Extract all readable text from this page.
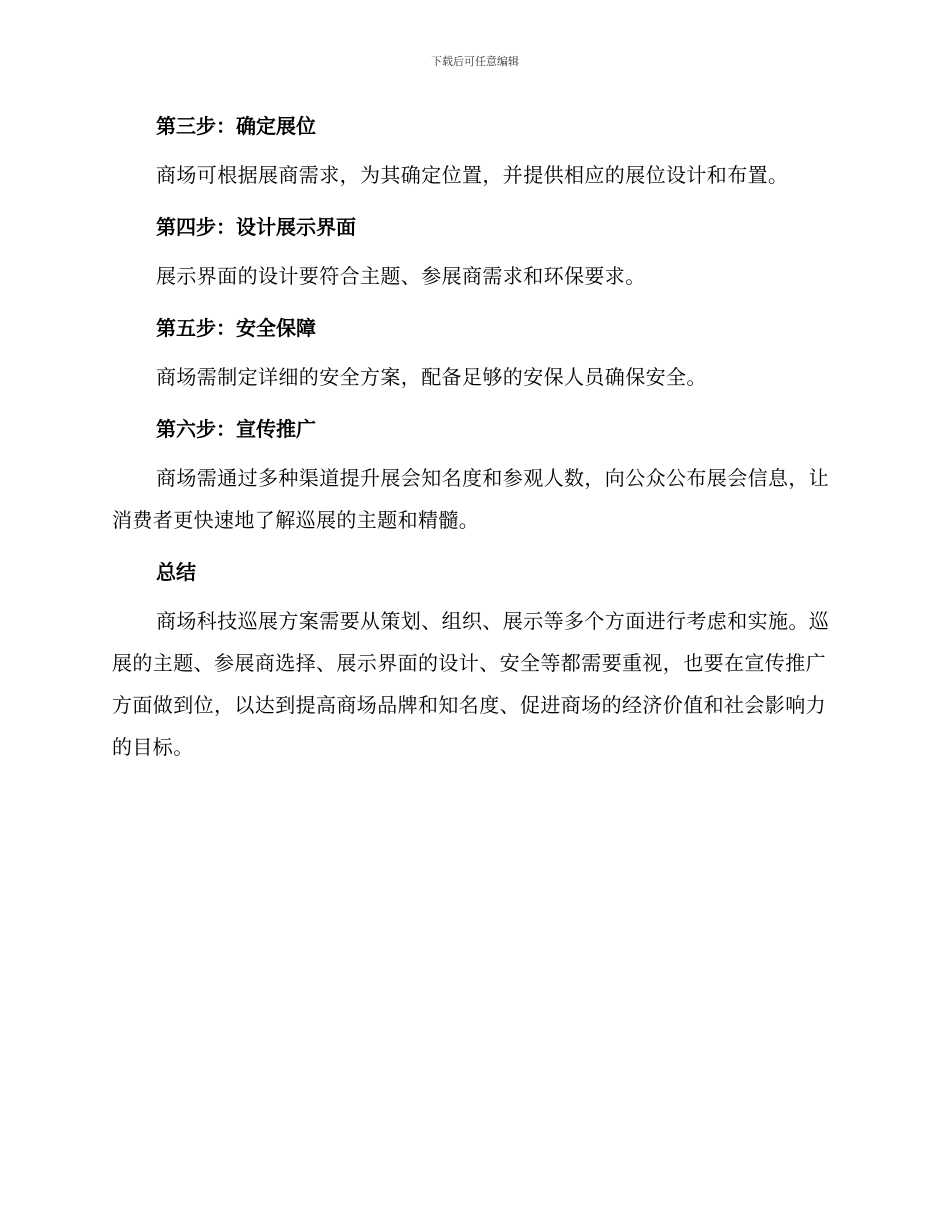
下载后可任意编辑
第三步：确定展位

商场可根据展商需求，为其确定位置，并提供相应的展位设计和布置。

第四步：设计展示界面

展示界面的设计要符合主题、参展商需求和环保要求。

第五步：安全保障

商场需制定详细的安全方案，配备足够的安保人员确保安全。

第六步：宣传推广

商场需通过多种渠道提升展会知名度和参观人数，向公众公布展会信息，让消费者更快速地了解巡展的主题和精髓。

总结

商场科技巡展方案需要从策划、组织、展示等多个方面进行考虑和实施。巡展的主题、参展商选择、展示界面的设计、安全等都需要重视，也要在宣传推广方面做到位，以达到提高商场品牌和知名度、促进商场的经济价值和社会影响力的目标。
